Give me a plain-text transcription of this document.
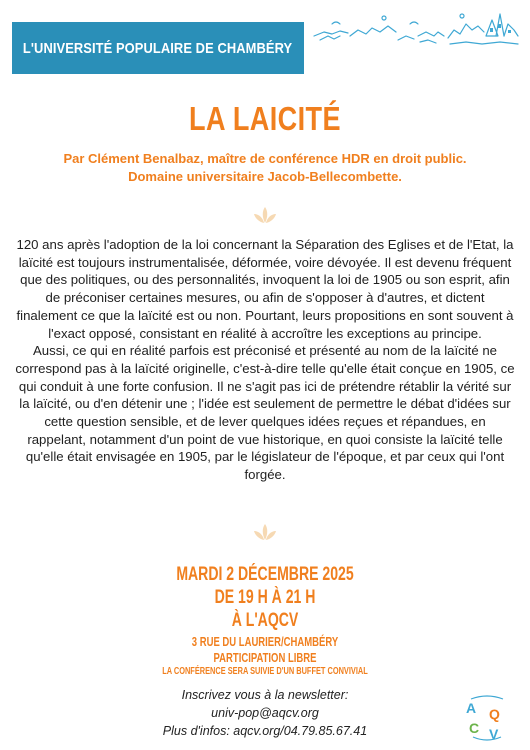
L'UNIVERSITÉ POPULAIRE DE CHAMBÉRY
LA LAICITÉ
Par Clément Benalbaz, maître de conférence HDR en droit public.
Domaine universitaire Jacob-Bellecombette.

120 ans après l'adoption de la loi concernant la Séparation des Eglises et de l'Etat, la laïcité est toujours instrumentalisée, déformée, voire dévoyée. Il est devenu fréquent que des politiques, ou des personnalités, invoquent la loi de 1905 ou son esprit, afin de préconiser certaines mesures, ou afin de s'opposer à d'autres, et dictent finalement ce que la laïcité est ou non. Pourtant, leurs propositions en sont souvent à l'exact opposé, consistant en réalité à accroître les exceptions au principe.

Aussi, ce qui en réalité parfois est préconisé et présenté au nom de la laïcité ne correspond pas à la laïcité originelle, c'est-à-dire telle qu'elle était conçue en 1905, ce qui conduit à une forte confusion. Il ne s'agit pas ici de prétendre rétablir la vérité sur la laïcité, ou d'en détenir une ; l'idée est seulement de permettre le débat d'idées sur cette question sensible, et de lever quelques idées reçues et répandues, en rappelant, notamment d'un point de vue historique, en quoi consiste la laïcité telle qu'elle était envisagée en 1905, par le législateur de l'époque, et par ceux qui l'ont forgée.

MARDI 2 DÉCEMBRE 2025
DE 19 H À 21 H
À L'AQCV
3 RUE DU LAURIER/CHAMBÉRY
PARTICIPATION LIBRE
LA CONFÉRENCE SERA SUIVIE D'UN BUFFET CONVIVIAL
Inscrivez vous à la newsletter:
univ-pop@aqcv.org
Plus d'infos: aqcv.org/04.79.85.67.41
A Q
C V
